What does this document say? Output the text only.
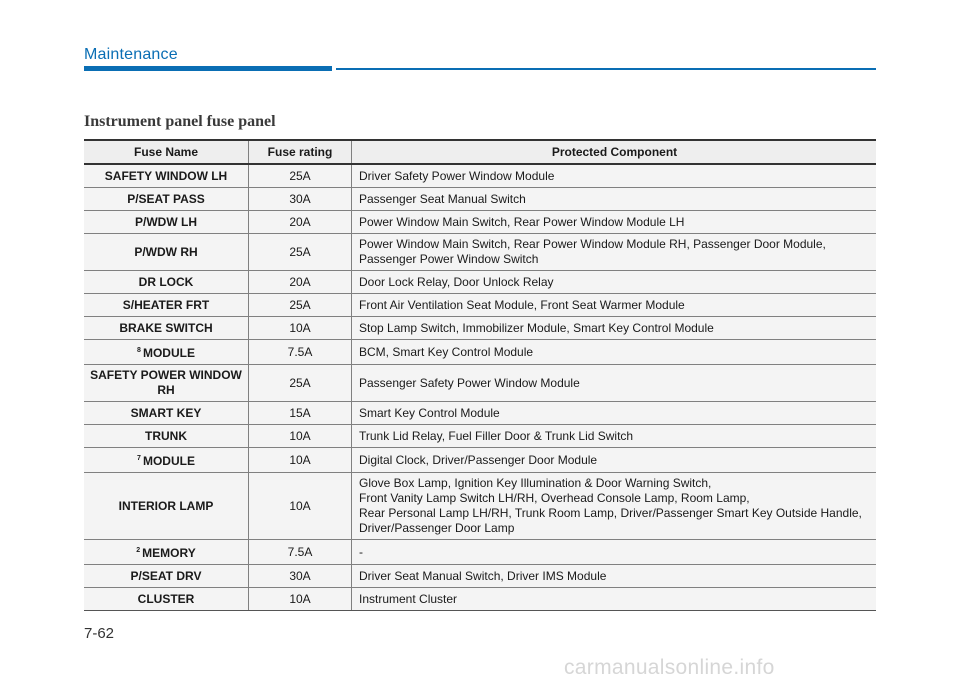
Maintenance
Instrument panel fuse panel
Fuse Name	Fuse rating	Protected Component
SAFETY WINDOW LH	25A	Driver Safety Power Window Module
P/SEAT PASS	30A	Passenger Seat Manual Switch
P/WDW LH	20A	Power Window Main Switch, Rear Power Window Module LH
P/WDW RH	25A	Power Window Main Switch, Rear Power Window Module RH, Passenger Door Module,
Passenger Power Window Switch
DR LOCK	20A	Door Lock Relay, Door Unlock Relay
S/HEATER FRT	25A	Front Air Ventilation Seat Module, Front Seat Warmer Module
BRAKE SWITCH	10A	Stop Lamp Switch, Immobilizer Module, Smart Key Control Module
$^8$ MODULE	7.5A	BCM, Smart Key Control Module
SAFETY POWER WINDOW RH	25A	Passenger Safety Power Window Module
SMART KEY	15A	Smart Key Control Module
TRUNK	10A	Trunk Lid Relay, Fuel Filler Door & Trunk Lid Switch
$^7$ MODULE	10A	Digital Clock, Driver/Passenger Door Module
INTERIOR LAMP	10A	Glove Box Lamp, Ignition Key Illumination & Door Warning Switch,
Front Vanity Lamp Switch LH/RH, Overhead Console Lamp, Room Lamp,
Rear Personal Lamp LH/RH, Trunk Room Lamp, Driver/Passenger Smart Key Outside Handle,
Driver/Passenger Door Lamp
$^2$ MEMORY	7.5A	-
P/SEAT DRV	30A	Driver Seat Manual Switch, Driver IMS Module
CLUSTER	10A	Instrument Cluster
7-62
carmanualsonline.info
